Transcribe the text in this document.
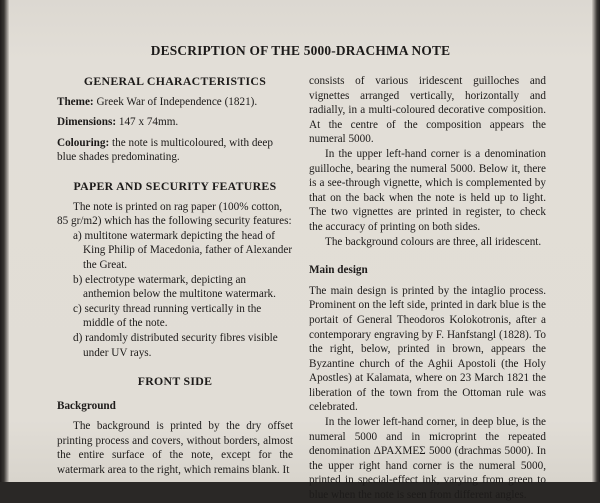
DESCRIPTION OF THE 5000-DRACHMA NOTE
GENERAL CHARACTERISTICS

Theme: Greek War of Independence (1821).

Dimensions: 147 x 74mm.

Colouring: the note is multicoloured, with deep blue shades predominating.

PAPER AND SECURITY FEATURES

The note is printed on rag paper (100% cotton, 85 gr/m2) which has the following security features:

a) multitone watermark depicting the head of King Philip of Macedonia, father of Alexander the Great.
b) electrotype watermark, depicting an anthemion below the multitone watermark.
c) security thread running vertically in the middle of the note.
d) randomly distributed security fibres visible under UV rays.
FRONT SIDE
Background

The background is printed by the dry offset printing process and covers, without borders, almost the entire surface of the note, except for the watermark area to the right, which remains blank. It

consists of various iridescent guilloches and vignettes arranged vertically, horizontally and radially, in a multi-coloured decorative composition. At the centre of the composition appears the numeral 5000.

In the upper left-hand corner is a denomination guilloche, bearing the numeral 5000. Below it, there is a see-through vignette, which is complemented by that on the back when the note is held up to light. The two vignettes are printed in register, to check the accuracy of printing on both sides.

The background colours are three, all iridescent.

Main design

The main design is printed by the intaglio process. Prominent on the left side, printed in dark blue is the portait of General Theodoros Kolokotronis, after a contemporary engraving by F. Hanfstangl (1828). To the right, below, printed in brown, appears the Byzantine church of the Aghii Apostoli (the Holy Apostles) at Kalamata, where on 23 March 1821 the liberation of the town from the Ottoman rule was celebrated.

In the lower left-hand corner, in deep blue, is the numeral 5000 and in microprint the repeated denomination ΔΡΑΧΜΕΣ 5000 (drachmas 5000). In the upper right hand corner is the numeral 5000, printed in special-effect ink, varying from green to blue when the note is seen from different angles.
